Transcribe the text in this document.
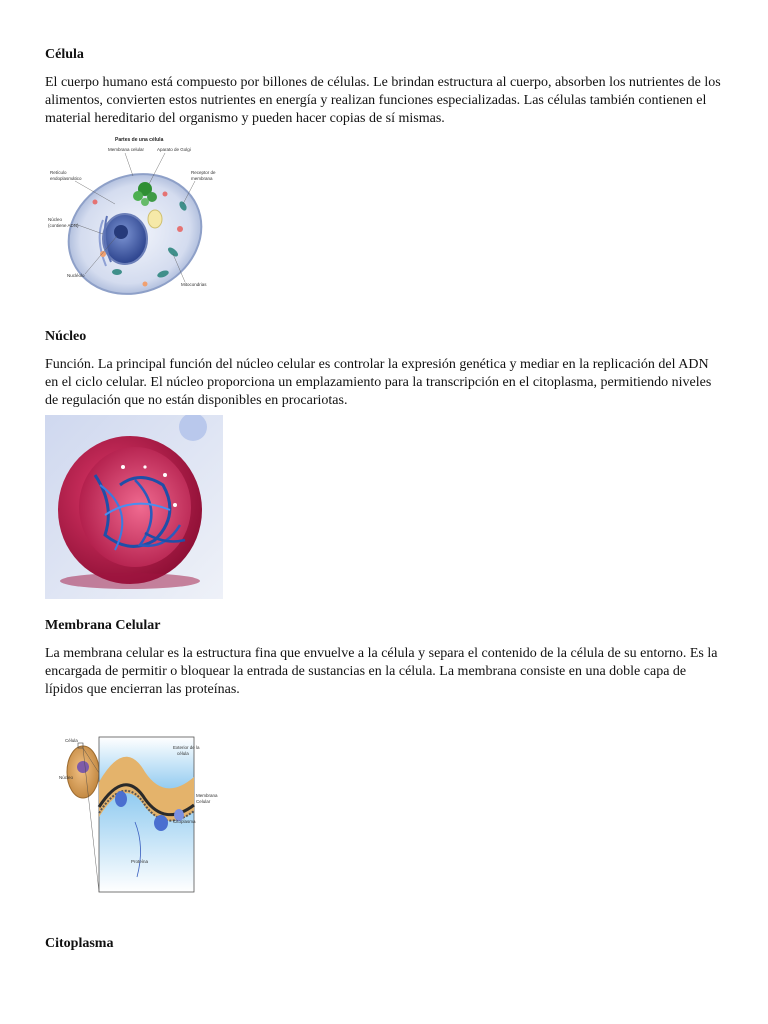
Célula

El cuerpo humano está compuesto por billones de células. Le brindan estructura al cuerpo, absorben los nutrientes de los alimentos, convierten estos nutrientes en energía y realizan funciones especializadas. Las células también contienen el material hereditario del organismo y pueden hacer copias de sí mismas.

Partes de una célula
Membrana celular	Aparato de Golgi
Retículo
endoplasmático
Receptor de
membrana
Núcleo
(contiene ADN)
Nucléolo
Mitocondrias
Núcleo

Función. La principal función del núcleo celular es controlar la expresión genética y mediar en la replicación del ADN en el ciclo celular. El núcleo proporciona un emplazamiento para la transcripción en el citoplasma, permitiendo niveles de regulación que no están disponibles en procariotas.

Membrana Celular

La membrana celular es la estructura fina que envuelve a la célula y separa el contenido de la célula de su entorno. Es la encargada de permitir o bloquear la entrada de sustancias en la célula. La membrana consiste en una doble capa de lípidos que encierran las proteínas.

Célula
Núcleo
Exterior de la
célula
Membrana
Celular
Citoplasma
Proteína
Citoplasma
